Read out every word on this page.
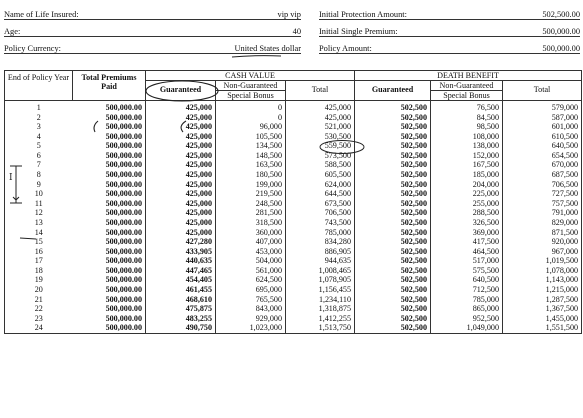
Name of Life Insured:	vip vip
Age:	40
Policy Currency:	United States dollar
Initial Protection Amount:	502,500.00
Initial Single Premium:	500,000.00
Policy Amount:	500,000.00
End of Policy Year	Total Premiums Paid	CASH VALUE			DEATH BENEFIT		
		Guaranteed	Non-Guaranteed	Total	Guaranteed	Non-Guaranteed	Total
			Special Bonus			Special Bonus	
1	500,000.00	425,000	0	425,000	502,500	76,500	579,000
2	500,000.00	425,000	0	425,000	502,500	84,500	587,000
3	500,000.00	425,000	96,000	521,000	502,500	98,500	601,000
4	500,000.00	425,000	105,500	530,500	502,500	108,000	610,500
5	500,000.00	425,000	134,500	559,500	502,500	138,000	640,500
6	500,000.00	425,000	148,500	573,500	502,500	152,000	654,500
7	500,000.00	425,000	163,500	588,500	502,500	167,500	670,000
8	500,000.00	425,000	180,500	605,500	502,500	185,000	687,500
9	500,000.00	425,000	199,000	624,000	502,500	204,000	706,500
10	500,000.00	425,000	219,500	644,500	502,500	225,000	727,500
11	500,000.00	425,000	248,500	673,500	502,500	255,000	757,500
12	500,000.00	425,000	281,500	706,500	502,500	288,500	791,000
13	500,000.00	425,000	318,500	743,500	502,500	326,500	829,000
14	500,000.00	425,000	360,000	785,000	502,500	369,000	871,500
15	500,000.00	427,280	407,000	834,280	502,500	417,500	920,000
16	500,000.00	433,905	453,000	886,905	502,500	464,500	967,000
17	500,000.00	440,635	504,000	944,635	502,500	517,000	1,019,500
18	500,000.00	447,465	561,000	1,008,465	502,500	575,500	1,078,000
19	500,000.00	454,405	624,500	1,078,905	502,500	640,500	1,143,000
20	500,000.00	461,455	695,000	1,156,455	502,500	712,500	1,215,000
21	500,000.00	468,610	765,500	1,234,110	502,500	785,000	1,287,500
22	500,000.00	475,875	843,000	1,318,875	502,500	865,000	1,367,500
23	500,000.00	483,255	929,000	1,412,255	502,500	952,500	1,455,000
24	500,000.00	490,750	1,023,000	1,513,750	502,500	1,049,000	1,551,500
I
